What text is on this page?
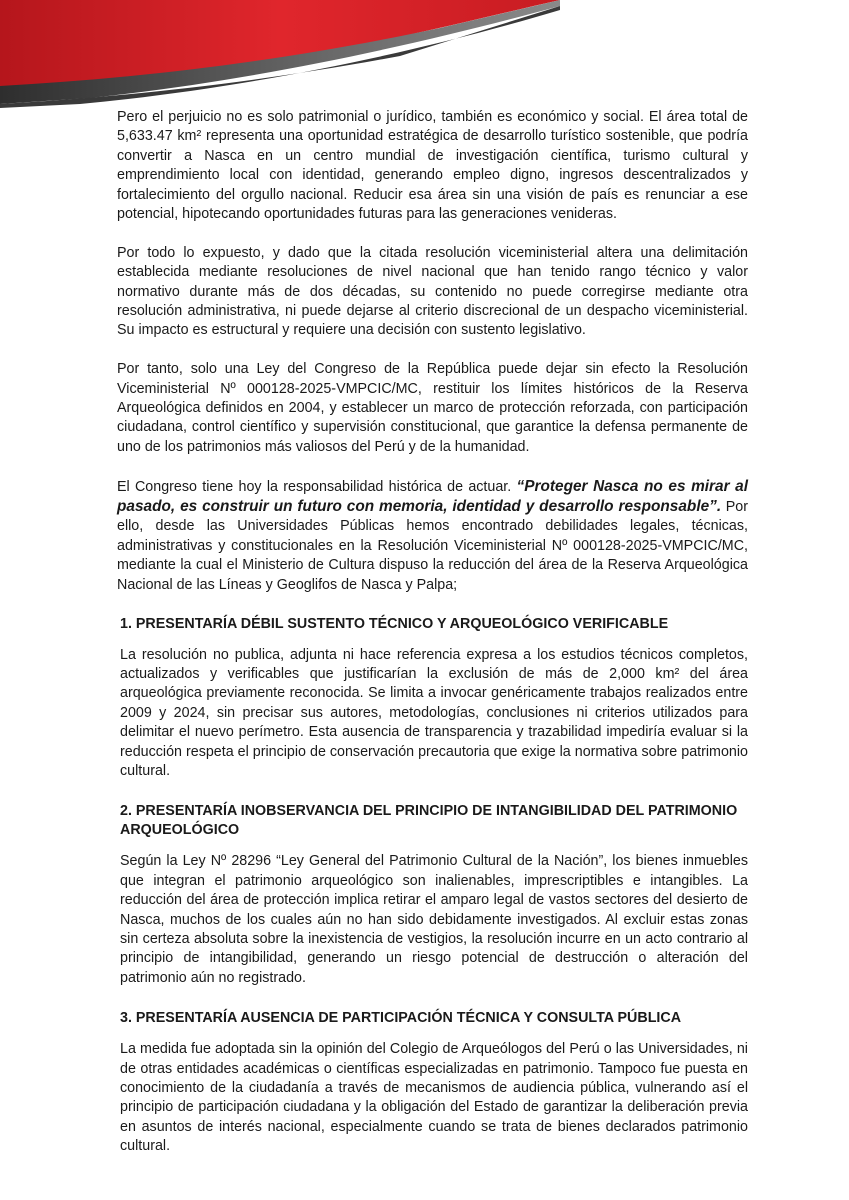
Pero el perjuicio no es solo patrimonial o jurídico, también es económico y social. El área total de 5,633.47 km² representa una oportunidad estratégica de desarrollo turístico sostenible, que podría convertir a Nasca en un centro mundial de investigación científica, turismo cultural y emprendimiento local con identidad, generando empleo digno, ingresos descentralizados y fortalecimiento del orgullo nacional. Reducir esa área sin una visión de país es renunciar a ese potencial, hipotecando oportunidades futuras para las generaciones venideras.

Por todo lo expuesto, y dado que la citada resolución viceministerial altera una delimitación establecida mediante resoluciones de nivel nacional que han tenido rango técnico y valor normativo durante más de dos décadas, su contenido no puede corregirse mediante otra resolución administrativa, ni puede dejarse al criterio discrecional de un despacho viceministerial. Su impacto es estructural y requiere una decisión con sustento legislativo.

Por tanto, solo una Ley del Congreso de la República puede dejar sin efecto la Resolución Viceministerial Nº 000128-2025-VMPCIC/MC, restituir los límites históricos de la Reserva Arqueológica definidos en 2004, y establecer un marco de protección reforzada, con participación ciudadana, control científico y supervisión constitucional, que garantice la defensa permanente de uno de los patrimonios más valiosos del Perú y de la humanidad.

El Congreso tiene hoy la responsabilidad histórica de actuar. “Proteger Nasca no es mirar al pasado, es construir un futuro con memoria, identidad y desarrollo responsable”. Por ello, desde las Universidades Públicas hemos encontrado debilidades legales, técnicas, administrativas y constitucionales en la Resolución Viceministerial Nº 000128-2025-VMPCIC/MC, mediante la cual el Ministerio de Cultura dispuso la reducción del área de la Reserva Arqueológica Nacional de las Líneas y Geoglifos de Nasca y Palpa;

1. PRESENTARÍA DÉBIL SUSTENTO TÉCNICO Y ARQUEOLÓGICO VERIFICABLE

La resolución no publica, adjunta ni hace referencia expresa a los estudios técnicos completos, actualizados y verificables que justificarían la exclusión de más de 2,000 km² del área arqueológica previamente reconocida. Se limita a invocar genéricamente trabajos realizados entre 2009 y 2024, sin precisar sus autores, metodologías, conclusiones ni criterios utilizados para delimitar el nuevo perímetro. Esta ausencia de transparencia y trazabilidad impediría evaluar si la reducción respeta el principio de conservación precautoria que exige la normativa sobre patrimonio cultural.

2. PRESENTARÍA INOBSERVANCIA DEL PRINCIPIO DE INTANGIBILIDAD DEL PATRIMONIO ARQUEOLÓGICO

Según la Ley Nº 28296 “Ley General del Patrimonio Cultural de la Nación”, los bienes inmuebles que integran el patrimonio arqueológico son inalienables, imprescriptibles e intangibles. La reducción del área de protección implica retirar el amparo legal de vastos sectores del desierto de Nasca, muchos de los cuales aún no han sido debidamente investigados. Al excluir estas zonas sin certeza absoluta sobre la inexistencia de vestigios, la resolución incurre en un acto contrario al principio de intangibilidad, generando un riesgo potencial de destrucción o alteración del patrimonio aún no registrado.

3. PRESENTARÍA AUSENCIA DE PARTICIPACIÓN TÉCNICA Y CONSULTA PÚBLICA

La medida fue adoptada sin la opinión del Colegio de Arqueólogos del Perú o las Universidades, ni de otras entidades académicas o científicas especializadas en patrimonio. Tampoco fue puesta en conocimiento de la ciudadanía a través de mecanismos de audiencia pública, vulnerando así el principio de participación ciudadana y la obligación del Estado de garantizar la deliberación previa en asuntos de interés nacional, especialmente cuando se trata de bienes declarados patrimonio cultural.
